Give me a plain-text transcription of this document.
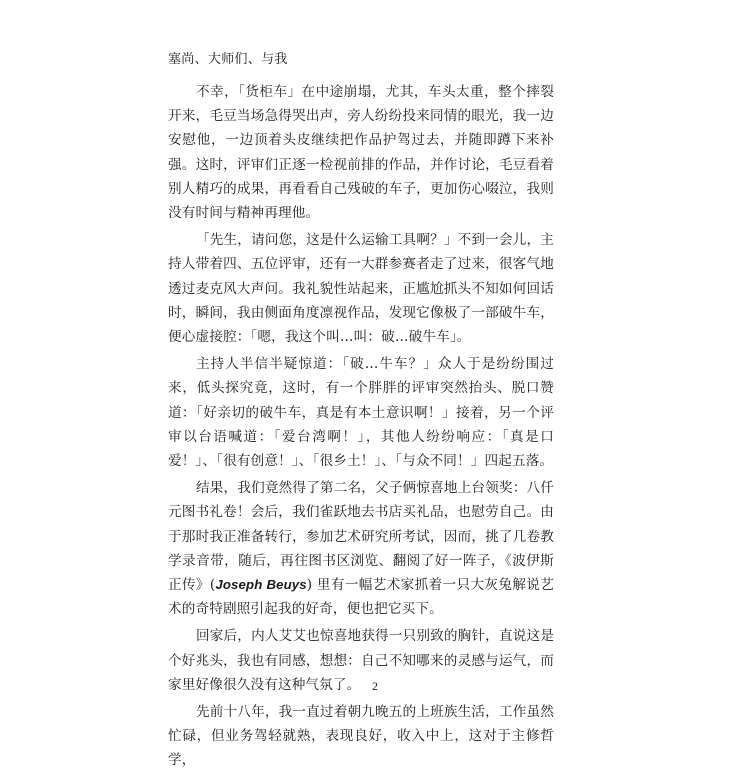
塞尚、大师们、与我

不幸，「货柜车」在中途崩塌，尤其，车头太重，整个摔裂开来，毛豆当场急得哭出声，旁人纷纷投来同情的眼光，我一边安慰他，一边顶着头皮继续把作品护驾过去，并随即蹲下来补强。这时，评审们正逐一检视前排的作品，并作讨论，毛豆看着别人精巧的成果，再看看自己残破的车子，更加伤心啜泣，我则没有时间与精神再理他。

「先生，请问您，这是什么运输工具啊？」不到一会儿，主持人带着四、五位评审，还有一大群参赛者走了过来，很客气地透过麦克风大声问。我礼貌性站起来，正尴尬抓头不知如何回话时，瞬间，我由侧面角度凛视作品，发现它像极了一部破牛车，便心虚接腔：「嗯，我这个叫…叫：破…破牛车」。

主持人半信半疑惊道：「破…牛车？」众人于是纷纷围过来，低头探究竟，这时，有一个胖胖的评审突然抬头、脱口赞道：「好亲切的破牛车，真是有本土意识啊！」接着，另一个评审以台语喊道：「爱台湾啊！」，其他人纷纷响应：「真是口爱！」、「很有创意！」、「很乡土！」、「与众不同！」四起五落。

结果，我们竟然得了第二名，父子俩惊喜地上台领奖：八仟元图书礼卷！会后，我们雀跃地去书店买礼品，也慰劳自己。由于那时我正准备转行，参加艺术研究所考试，因而，挑了几卷教学录音带，随后，再往图书区浏览、翻阅了好一阵子，《波伊斯正传》(Joseph Beuys) 里有一幅艺术家抓着一只大灰兔解说艺术的奇特剧照引起我的好奇，便也把它买下。

回家后，内人艾艾也惊喜地获得一只别致的胸针，直说这是个好兆头，我也有同感，想想：自己不知哪来的灵感与运气，而家里好像很久没有这种气氛了。

先前十八年，我一直过着朝九晚五的上班族生活，工作虽然忙碌，但业务驾轻就熟，表现良好，收入中上，这对于主修哲学，

2
